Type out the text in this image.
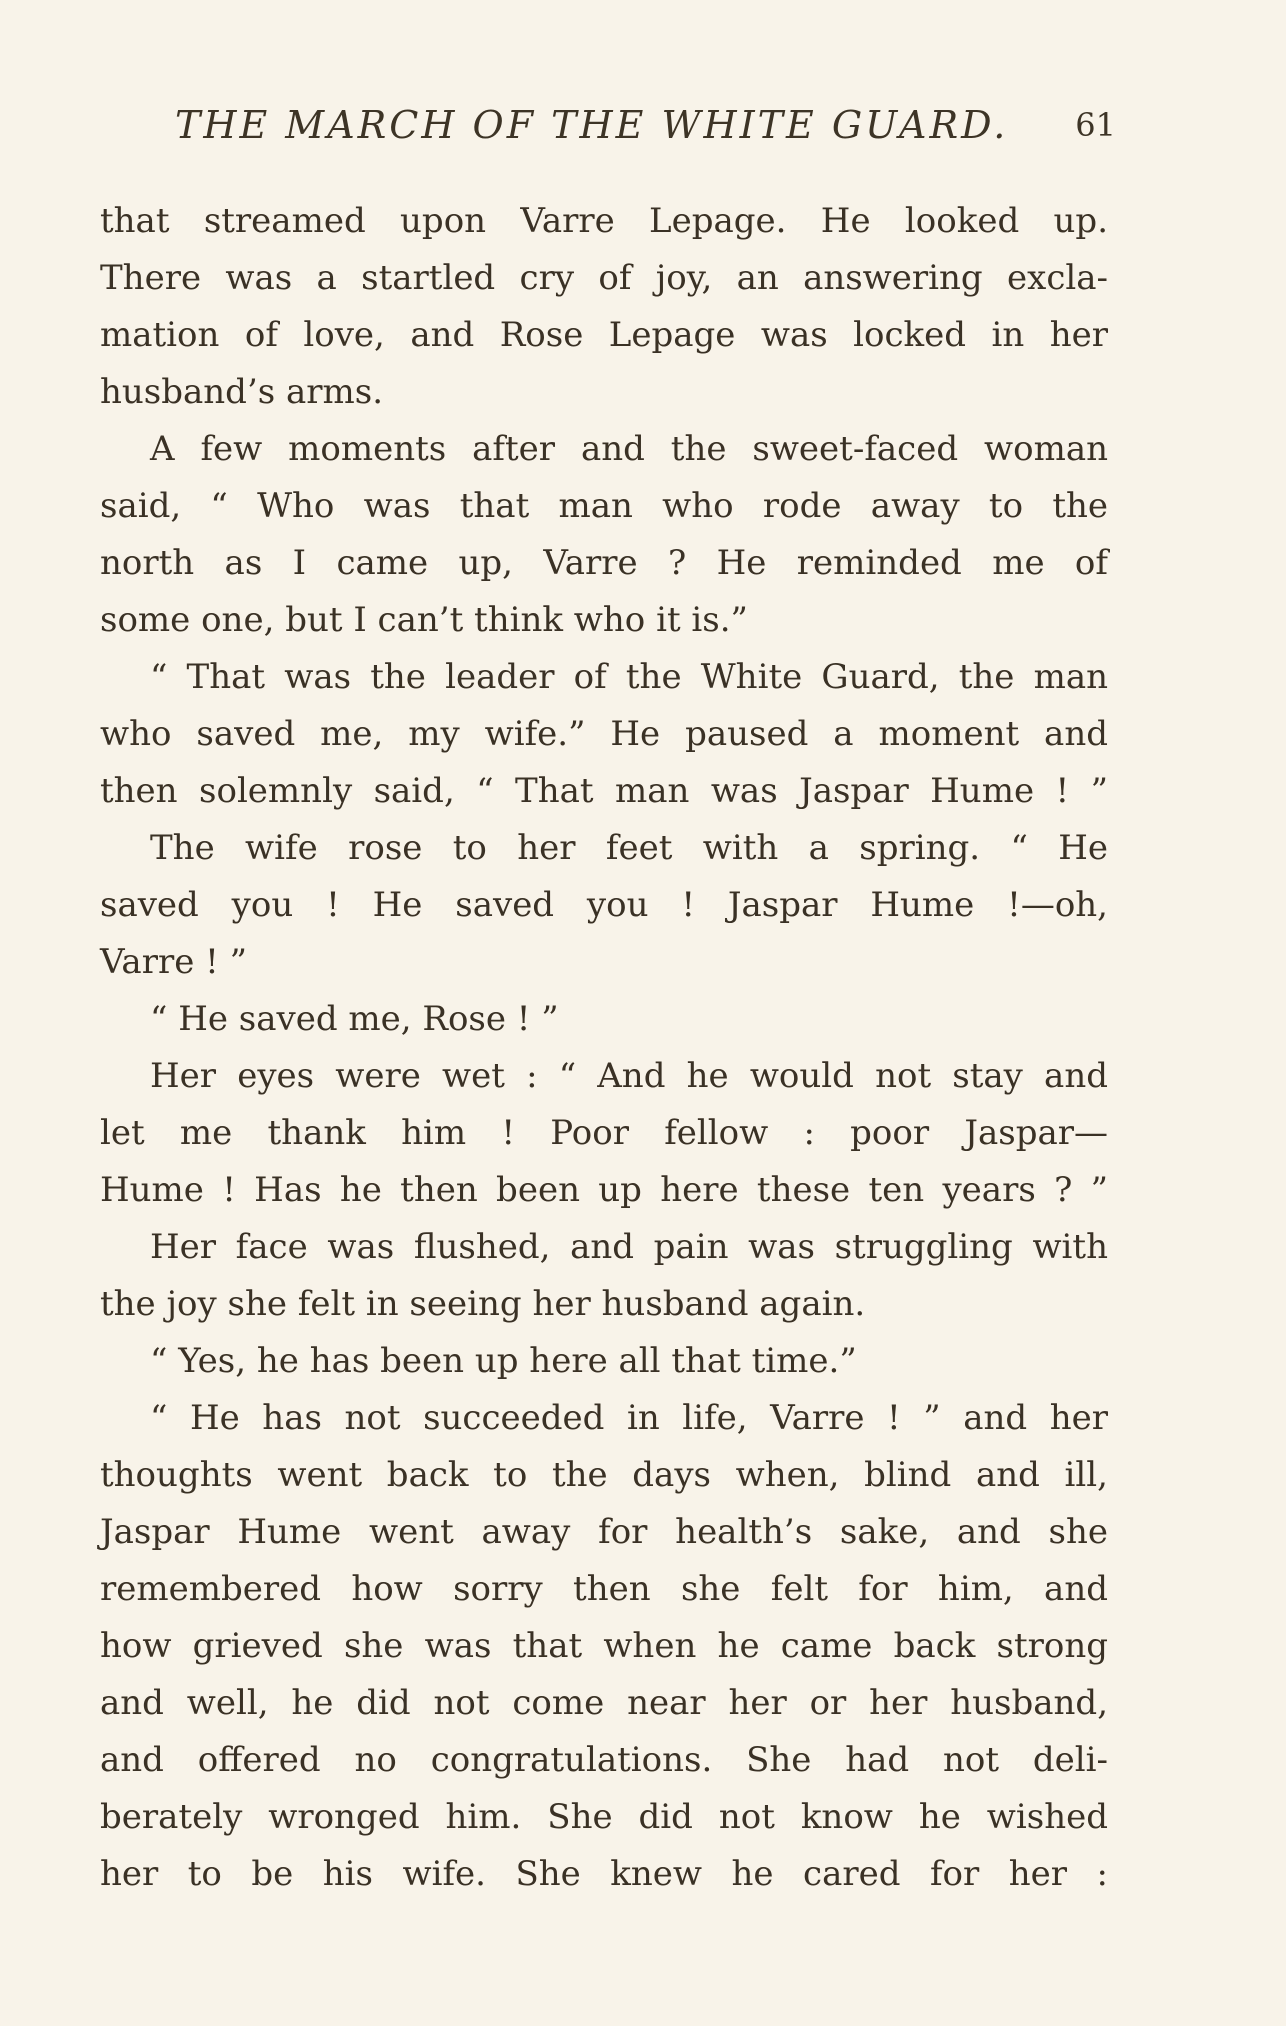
THE MARCH OF THE WHITE GUARD. 61
that streamed upon Varre Lepage. He looked up.
There was a startled cry of joy, an answering excla-
mation of love, and Rose Lepage was locked in her
husband’s arms.
A few moments after and the sweet-faced woman
said, “ Who was that man who rode away to the
north as I came up, Varre ? He reminded me of
some one, but I can’t think who it is.”
“ That was the leader of the White Guard, the man
who saved me, my wife.” He paused a moment and
then solemnly said, “ That man was Jaspar Hume ! ”
The wife rose to her feet with a spring. “ He
saved you ! He saved you ! Jaspar Hume !—oh,
Varre ! ”
“ He saved me, Rose ! ”
Her eyes were wet : “ And he would not stay and
let me thank him ! Poor fellow : poor Jaspar—
Hume ! Has he then been up here these ten years ? ”
Her face was flushed, and pain was struggling with
the joy she felt in seeing her husband again.
“ Yes, he has been up here all that time.”
“ He has not succeeded in life, Varre ! ” and her
thoughts went back to the days when, blind and ill,
Jaspar Hume went away for health’s sake, and she
remembered how sorry then she felt for him, and
how grieved she was that when he came back strong
and well, he did not come near her or her husband,
and offered no congratulations. She had not deli-
berately wronged him. She did not know he wished
her to be his wife. She knew he cared for her :
